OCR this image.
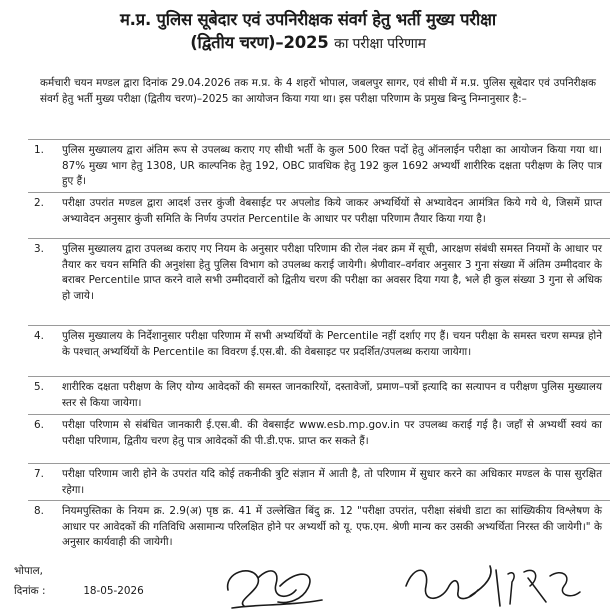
म.प्र. पुलिस सूबेदार एवं उपनिरीक्षक संवर्ग हेतु भर्ती मुख्य परीक्षा
(द्वितीय चरण)–2025 का परीक्षा परिणाम
कर्मचारी चयन मण्डल द्वारा दिनांक 29.04.2026 तक म.प्र. के 4 शहरों भोपाल, जबलपुर सागर, एवं सीधी में म.प्र. पुलिस सूबेदार एवं उपनिरीक्षक संवर्ग हेतु भर्ती मुख्य परीक्षा (द्वितीय चरण)–2025 का आयोजन किया गया था। इस परीक्षा परिणाम के प्रमुख बिन्दु निम्नानुसार है:–
1. पुलिस मुख्यालय द्वारा अंतिम रूप से उपलब्ध कराए गए सीधी भर्ती के कुल 500 रिक्त पदों हेतु ऑनलाईन परीक्षा का आयोजन किया गया था। 87% मुख्य भाग हेतु 1308, UR काल्पनिक हेतु 192, OBC प्रावधिक हेतु 192 कुल 1692 अभ्यर्थी शारीरिक दक्षता परीक्षण के लिए पात्र हुए हैं।
2. परीक्षा उपरांत मण्डल द्वारा आदर्श उत्तर कुंजी वेबसाईट पर अपलोड किये जाकर अभ्यर्थियों से अभ्यावेदन आमंत्रित किये गये थे, जिसमें प्राप्त अभ्यावेदन अनुसार कुंजी समिति के निर्णय उपरांत Percentile के आधार पर परीक्षा परिणाम तैयार किया गया है।
3. पुलिस मुख्यालय द्वारा उपलब्ध कराए गए नियम के अनुसार परीक्षा परिणाम की रोल नंबर क्रम में सूची, आरक्षण संबंधी समस्त नियमों के आधार पर तैयार कर चयन समिति की अनुशंसा हेतु पुलिस विभाग को उपलब्ध कराई जायेगी। श्रेणीवार–वर्गवार अनुसार 3 गुना संख्या में अंतिम उम्मीदवार के बराबर Percentile प्राप्त करने वाले सभी उम्मीदवारों को द्वितीय चरण की परीक्षा का अवसर दिया गया है, भले ही कुल संख्या 3 गुना से अधिक हो जाये।
4. पुलिस मुख्यालय के निर्देशानुसार परीक्षा परिणाम में सभी अभ्यर्थियों के Percentile नहीं दर्शाए गए हैं। चयन परीक्षा के समस्त चरण सम्पन्न होने के पश्चात् अभ्यर्थियों के Percentile का विवरण ई.एस.बी. की वेबसाइट पर प्रदर्शित/उपलब्ध कराया जायेगा।
5. शारीरिक दक्षता परीक्षण के लिए योग्य आवेदकों की समस्त जानकारियों, दस्तावेजों, प्रमाण–पत्रों इत्यादि का सत्यापन व परीक्षण पुलिस मुख्यालय स्तर से किया जायेगा।
6. परीक्षा परिणाम से संबंधित जानकारी ई.एस.बी. की वेबसाईट www.esb.mp.gov.in पर उपलब्ध कराई गई है। जहाँ से अभ्यर्थी स्वयं का परीक्षा परिणाम, द्वितीय चरण हेतु पात्र आवेदकों की पी.डी.एफ. प्राप्त कर सकते हैं।
7. परीक्षा परिणाम जारी होने के उपरांत यदि कोई तकनीकी त्रुटि संज्ञान में आती है, तो परिणाम में सुधार करने का अधिकार मण्डल के पास सुरक्षित रहेगा।
8. नियमपुस्तिका के नियम क्र. 2.9(अ) पृष्ठ क्र. 41 में उल्लेखित बिंदु क्र. 12 "परीक्षा उपरांत, परीक्षा संबंधी डाटा का सांख्यिकीय विश्लेषण के आधार पर आवेदकों की गतिविधि असामान्य परिलक्षित होने पर अभ्यर्थी को यू. एफ.एम. श्रेणी मान्य कर उसकी अभ्यर्थिता निरस्त की जायेगी।" के अनुसार कार्यवाही की जायेगी।
भोपाल,
दिनांक :	18-05-2026
